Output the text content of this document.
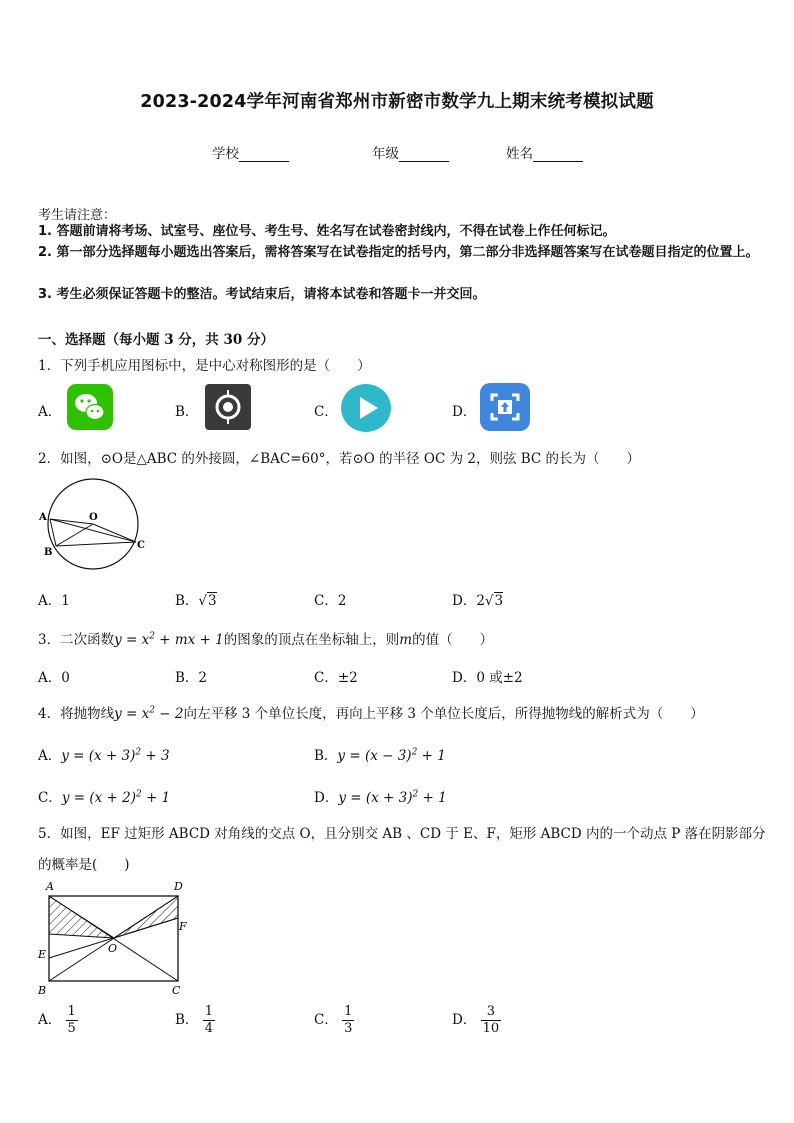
2023-2024学年河南省郑州市新密市数学九上期末统考模拟试题
学校	年级	姓名
考生请注意：
1. 答题前请将考场、试室号、座位号、考生号、姓名写在试卷密封线内，不得在试卷上作任何标记。
2. 第一部分选择题每小题选出答案后，需将答案写在试卷指定的括号内，第二部分非选择题答案写在试卷题目指定的位置上。
3. 考生必须保证答题卡的整洁。考试结束后，请将本试卷和答题卡一并交回。
一、选择题（每小题 3 分，共 30 分）
1．下列手机应用图标中，是中心对称图形的是（　　）
A．	B．	C．	D．
2．如图，⊙O是△ABC 的外接圆，∠BAC=60°，若⊙O 的半径 OC 为 2，则弦 BC 的长为（　　）
A	O
B
C
A．1	B．√3	C．2	D．2√3
3．二次函数$y = x^2$ + mx + 1的图象的顶点在坐标轴上，则m的值（　　）
A．0	B．2	C．±2	D．0 或±2
4．将抛物线$y = x^2 - 2$向左平移 3 个单位长度，再向上平移 3 个单位长度后，所得抛物线的解析式为（　　）
A．$y = (x + 3)^2 + 3$	B．$y = (x - 3)^2 + 1$
C．$y = (x + 2)^2 + 1$	D．$y = (x + 3)^2 + 1$
5．如图，EF 过矩形 ABCD 对角线的交点 O，且分别交 AB 、CD 于 E、F，矩形 ABCD 内的一个动点 P 落在阴影部分
的概率是(　　)
A	D
F
O
E
B	C
A． $\frac{1}{5}$	B． $\frac{1}{4}$	C． $\frac{1}{3}$	D． $\frac{3}{10}$
